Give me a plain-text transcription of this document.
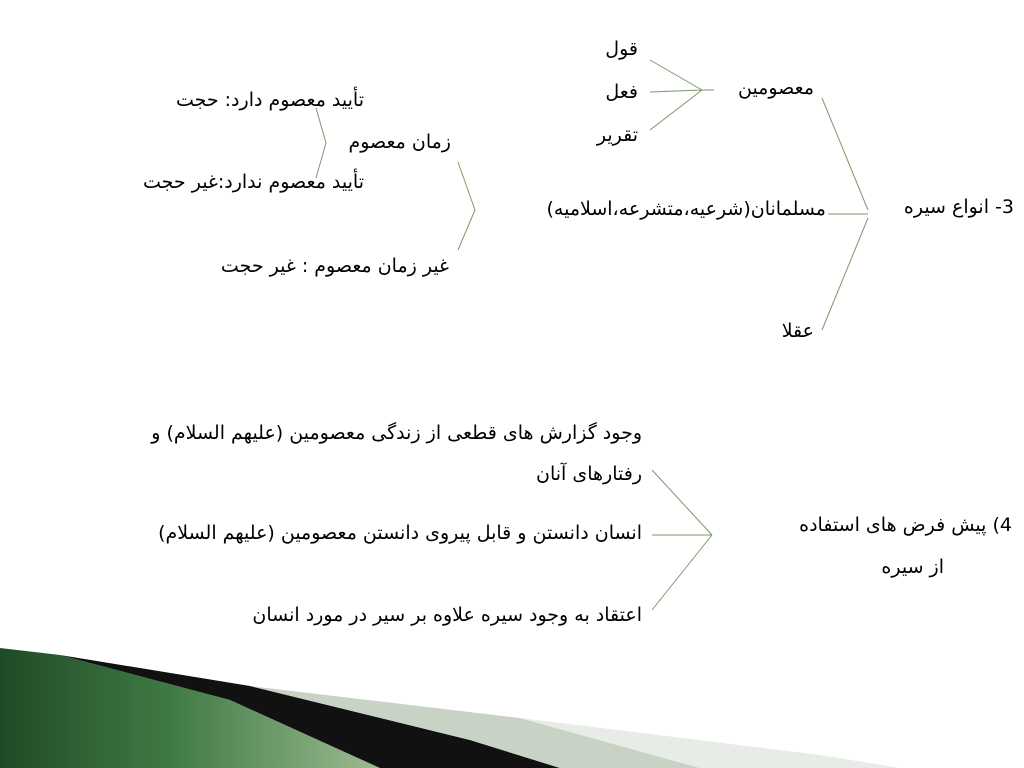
3- انواع سیره
معصومین
مسلمانان(شرعیه،متشرعه،اسلامیه)
عقلا
قول
فعل
تقریر
زمان معصوم
تأیید معصوم دارد: حجت
تأیید معصوم ندارد:غیر حجت
غیر زمان معصوم : غیر حجت
4) پیش فرض های استفاده
از سیره
وجود گزارش های قطعی از زندگی معصومین (علیهم السلام) و
رفتارهای آنان
انسان دانستن و قابل پیروی دانستن معصومین (علیهم السلام)
اعتقاد به وجود سیره علاوه بر سیر در مورد انسان
